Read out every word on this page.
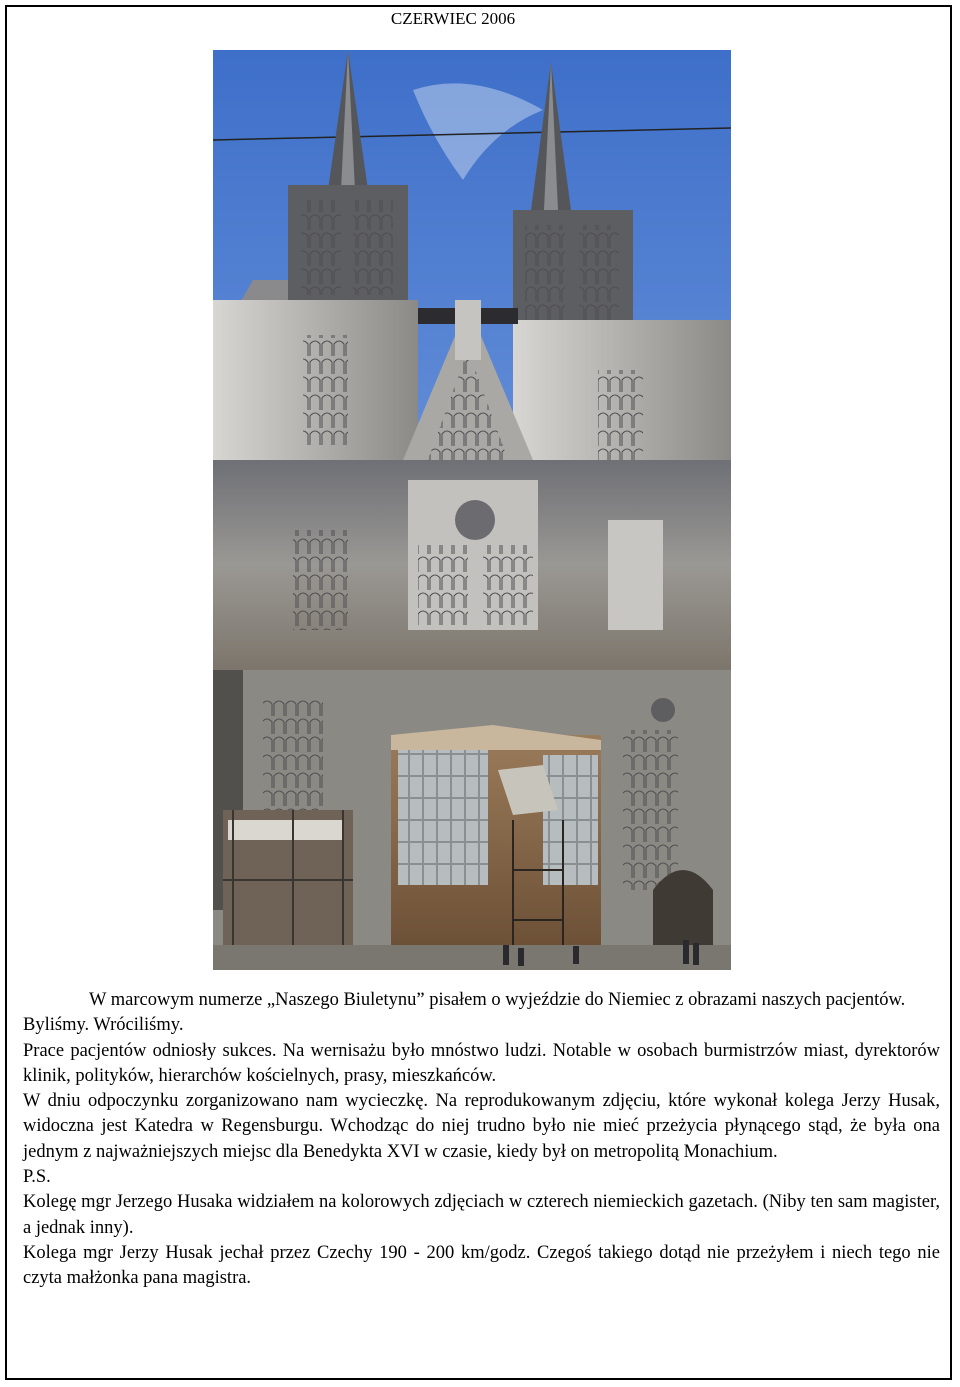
CZERWIEC 2006

W marcowym numerze „Naszego Biuletynu” pisałem o wyjeździe do Niemiec z obrazami naszych pacjentów.

Byliśmy. Wróciliśmy.

Prace pacjentów odniosły sukces. Na wernisażu było mnóstwo ludzi. Notable w osobach burmistrzów miast, dyrektorów klinik, polityków, hierarchów kościelnych, prasy, mieszkańców.

W dniu odpoczynku zorganizowano nam wycieczkę. Na reprodukowanym zdjęciu, które wykonał kolega Jerzy Husak, widoczna jest Katedra w Regensburgu. Wchodząc do niej trudno było nie mieć przeżycia płynącego stąd, że była ona jednym z najważniejszych miejsc dla Benedykta XVI w czasie, kiedy był on metropolitą Monachium.

P.S.

Kolegę mgr Jerzego Husaka widziałem na kolorowych zdjęciach w czterech niemieckich gazetach. (Niby ten sam magister, a jednak inny).

Kolega mgr Jerzy Husak jechał przez Czechy 190 - 200 km/godz. Czegoś takiego dotąd nie przeżyłem i niech tego nie czyta małżonka pana magistra.
